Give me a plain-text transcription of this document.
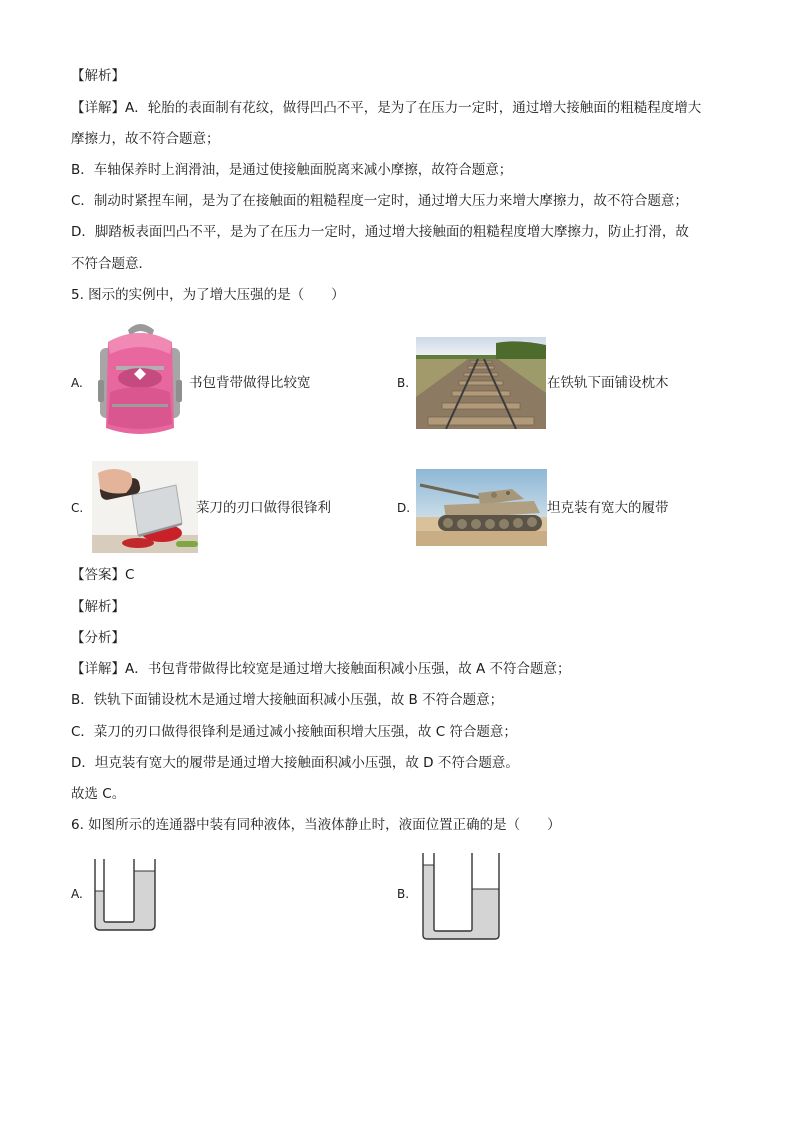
【解析】
【详解】A．轮胎的表面制有花纹，做得凹凸不平，是为了在压力一定时，通过增大接触面的粗糙程度增大
摩擦力，故不符合题意；
B．车轴保养时上润滑油，是通过使接触面脱离来减小摩擦，故符合题意；
C．制动时紧捏车闸，是为了在接触面的粗糙程度一定时，通过增大压力来增大摩擦力，故不符合题意；
D．脚踏板表面凹凸不平，是为了在压力一定时，通过增大接触面的粗糙程度增大摩擦力，防止打滑，故
不符合题意．
5. 图示的实例中，为了增大压强的是（　　）
A.	书包背带做得比较宽	B.	在铁轨下面铺设枕木
C.	菜刀的刃口做得很锋利	D.	坦克装有宽大的履带
【答案】C
【解析】
【分析】
【详解】A．书包背带做得比较宽是通过增大接触面积减小压强，故 A 不符合题意；
B．铁轨下面铺设枕木是通过增大接触面积减小压强，故 B 不符合题意；
C．菜刀的刃口做得很锋利是通过减小接触面积增大压强，故 C 符合题意；
D．坦克装有宽大的履带是通过增大接触面积减小压强，故 D 不符合题意。
故选 C。
6. 如图所示的连通器中装有同种液体，当液体静止时，液面位置正确的是（　　）
A.	B.
